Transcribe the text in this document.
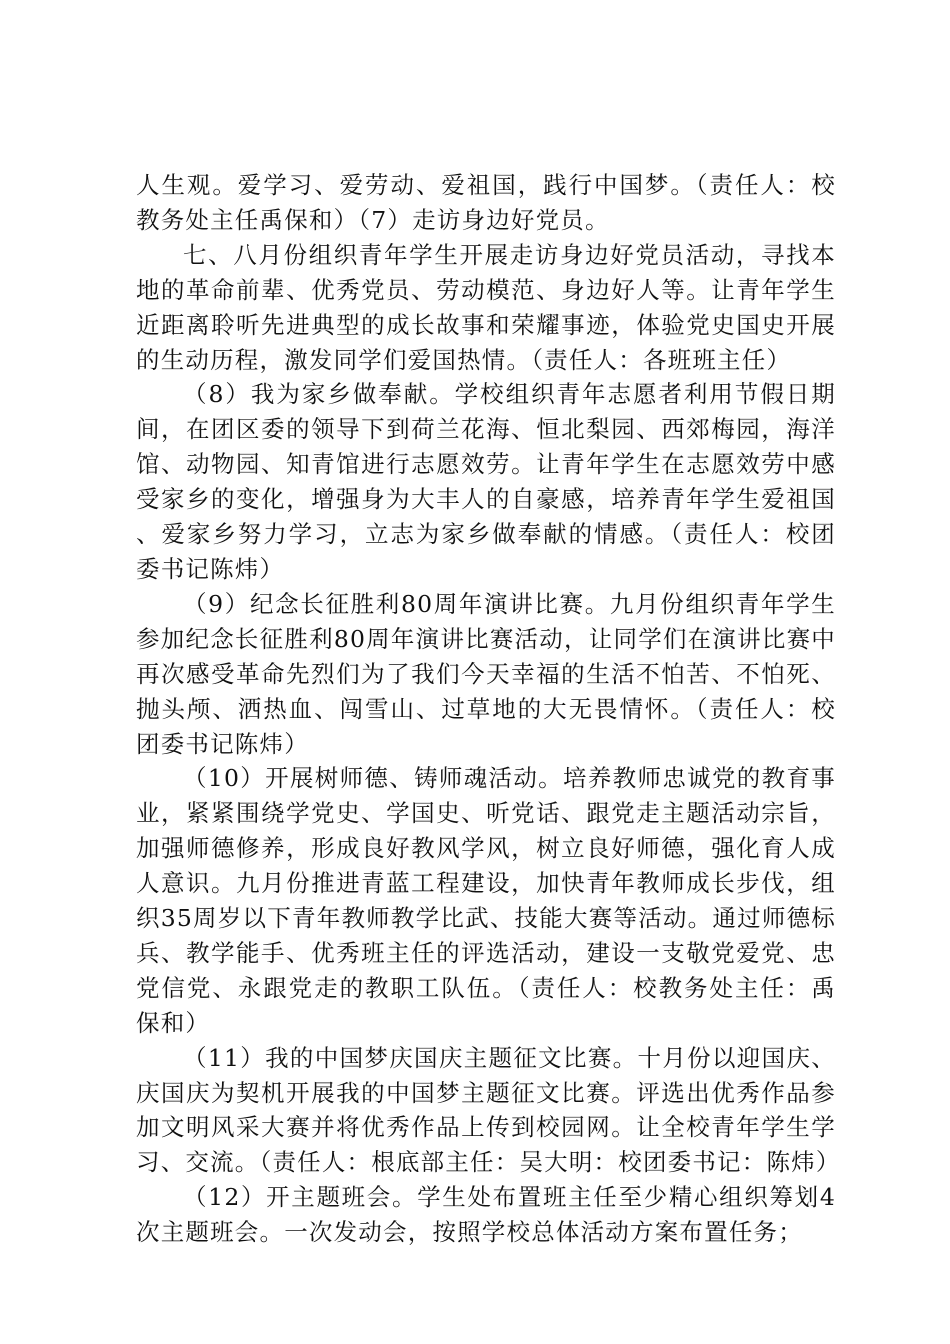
人生观。爱学习、爱劳动、爱祖国，践行中国梦。（责任人：校教务处主任禹保和）（7）走访身边好党员。

七、八月份组织青年学生开展走访身边好党员活动，寻找本地的革命前辈、优秀党员、劳动模范、身边好人等。让青年学生近距离聆听先进典型的成长故事和荣耀事迹，体验党史国史开展的生动历程，激发同学们爱国热情。（责任人：各班班主任）

（8）我为家乡做奉献。学校组织青年志愿者利用节假日期间，在团区委的领导下到荷兰花海、恒北梨园、西郊梅园，海洋馆、动物园、知青馆进行志愿效劳。让青年学生在志愿效劳中感受家乡的变化，增强身为大丰人的自豪感，培养青年学生爱祖国、爱家乡努力学习，立志为家乡做奉献的情感。（责任人：校团委书记陈炜）

（9）纪念长征胜利80周年演讲比赛。九月份组织青年学生参加纪念长征胜利80周年演讲比赛活动，让同学们在演讲比赛中再次感受革命先烈们为了我们今天幸福的生活不怕苦、不怕死、抛头颅、洒热血、闯雪山、过草地的大无畏情怀。（责任人：校团委书记陈炜）

（10）开展树师德、铸师魂活动。培养教师忠诚党的教育事业，紧紧围绕学党史、学国史、听党话、跟党走主题活动宗旨，加强师德修养，形成良好教风学风，树立良好师德，强化育人成人意识。九月份推进青蓝工程建设，加快青年教师成长步伐，组织35周岁以下青年教师教学比武、技能大赛等活动。通过师德标兵、教学能手、优秀班主任的评选活动，建设一支敬党爱党、忠党信党、永跟党走的教职工队伍。（责任人：校教务处主任：禹保和）

（11）我的中国梦庆国庆主题征文比赛。十月份以迎国庆、庆国庆为契机开展我的中国梦主题征文比赛。评选出优秀作品参加文明风采大赛并将优秀作品上传到校园网。让全校青年学生学习、交流。（责任人：根底部主任：吴大明：校团委书记：陈炜）

（12）开主题班会。学生处布置班主任至少精心组织筹划4次主题班会。一次发动会，按照学校总体活动方案布置任务；
